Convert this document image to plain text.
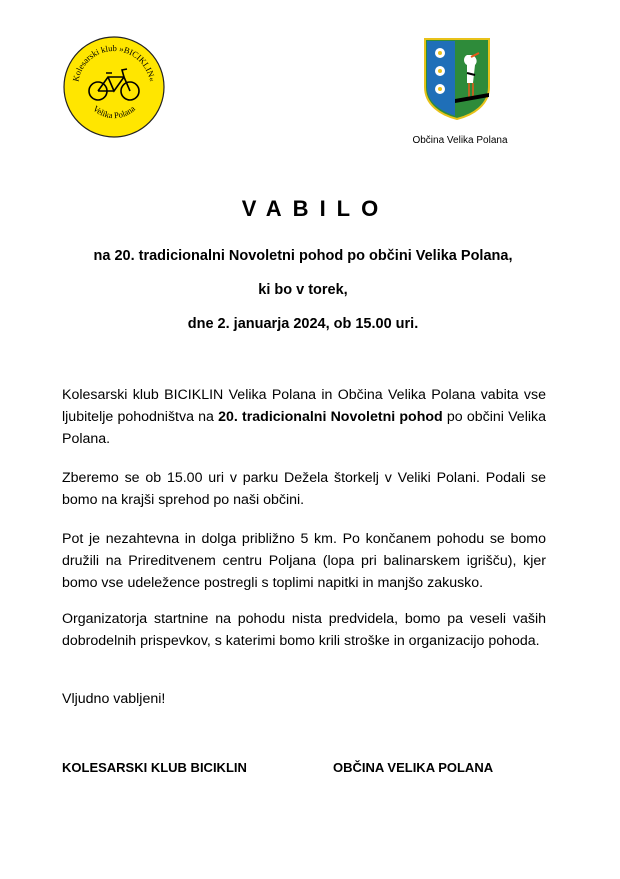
Kolesarski klub »BICIKLIN«
Velika Polana
Občina Velika Polana
VABILO
na 20. tradicionalni Novoletni pohod po občini Velika Polana,
ki bo v torek,
dne 2. januarja 2024, ob 15.00 uri.

Kolesarski klub BICIKLIN Velika Polana in Občina Velika Polana vabita vse ljubitelje pohodništva na 20. tradicionalni Novoletni pohod po občini Velika Polana.

Zberemo se ob 15.00 uri v parku Dežela štorkelj v Veliki Polani. Podali se bomo na krajši sprehod po naši občini.

Pot je nezahtevna in dolga približno 5 km. Po končanem pohodu se bomo družili na Prireditvenem centru Poljana (lopa pri balinarskem igrišču), kjer bomo vse udeležence postregli s toplimi napitki in manjšo zakusko.

Organizatorja startnine na pohodu nista predvidela, bomo pa veseli vaših dobrodelnih prispevkov, s katerimi bomo krili stroške in organizacijo pohoda.

Vljudno vabljeni!

KOLESARSKI KLUB BICIKLIN	OBČINA VELIKA POLANA
